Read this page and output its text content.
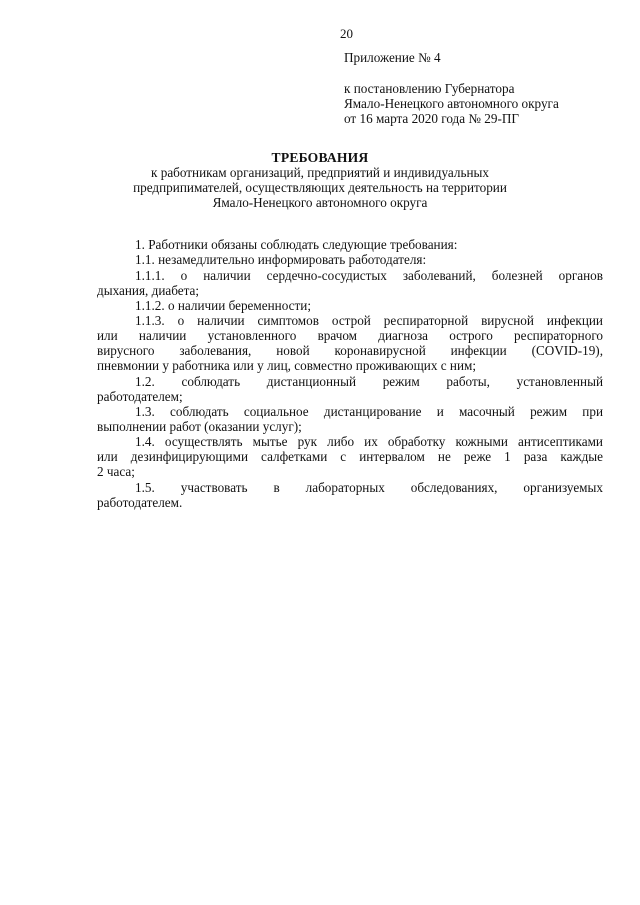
20

Приложение № 4

к постановлению Губернатора

Ямало-Ненецкого автономного округа

от 16 марта 2020 года № 29-ПГ

ТРЕБОВАНИЯ

к работникам организаций, предприятий и индивидуальных

предприпимателей, осуществляющих деятельность на территории

Ямало-Ненецкого автономного округа

1. Работники обязаны соблюдать следующие требования:

1.1. незамедлительно информировать работодателя:

1.1.1. о наличии сердечно-сосудистых заболеваний, болезней органов

дыхания, диабета;

1.1.2. о наличии беременности;

1.1.3. о наличии симптомов острой респираторной вирусной инфекции

или наличии установленного врачом диагноза острого респираторного

вирусного заболевания, новой коронавирусной инфекции (COVID-19),

пневмонии у работника или у лиц, совместно проживающих с ним;

1.2. соблюдать дистанционный режим работы, установленный

работодателем;

1.3. соблюдать социальное дистанцирование и масочный режим при

выполнении работ (оказании услуг);

1.4. осуществлять мытье рук либо их обработку кожными антисептиками

или дезинфицирующими салфетками с интервалом не реже 1 раза каждые

2 часа;

1.5. участвовать в лабораторных обследованиях, организуемых

работодателем.
